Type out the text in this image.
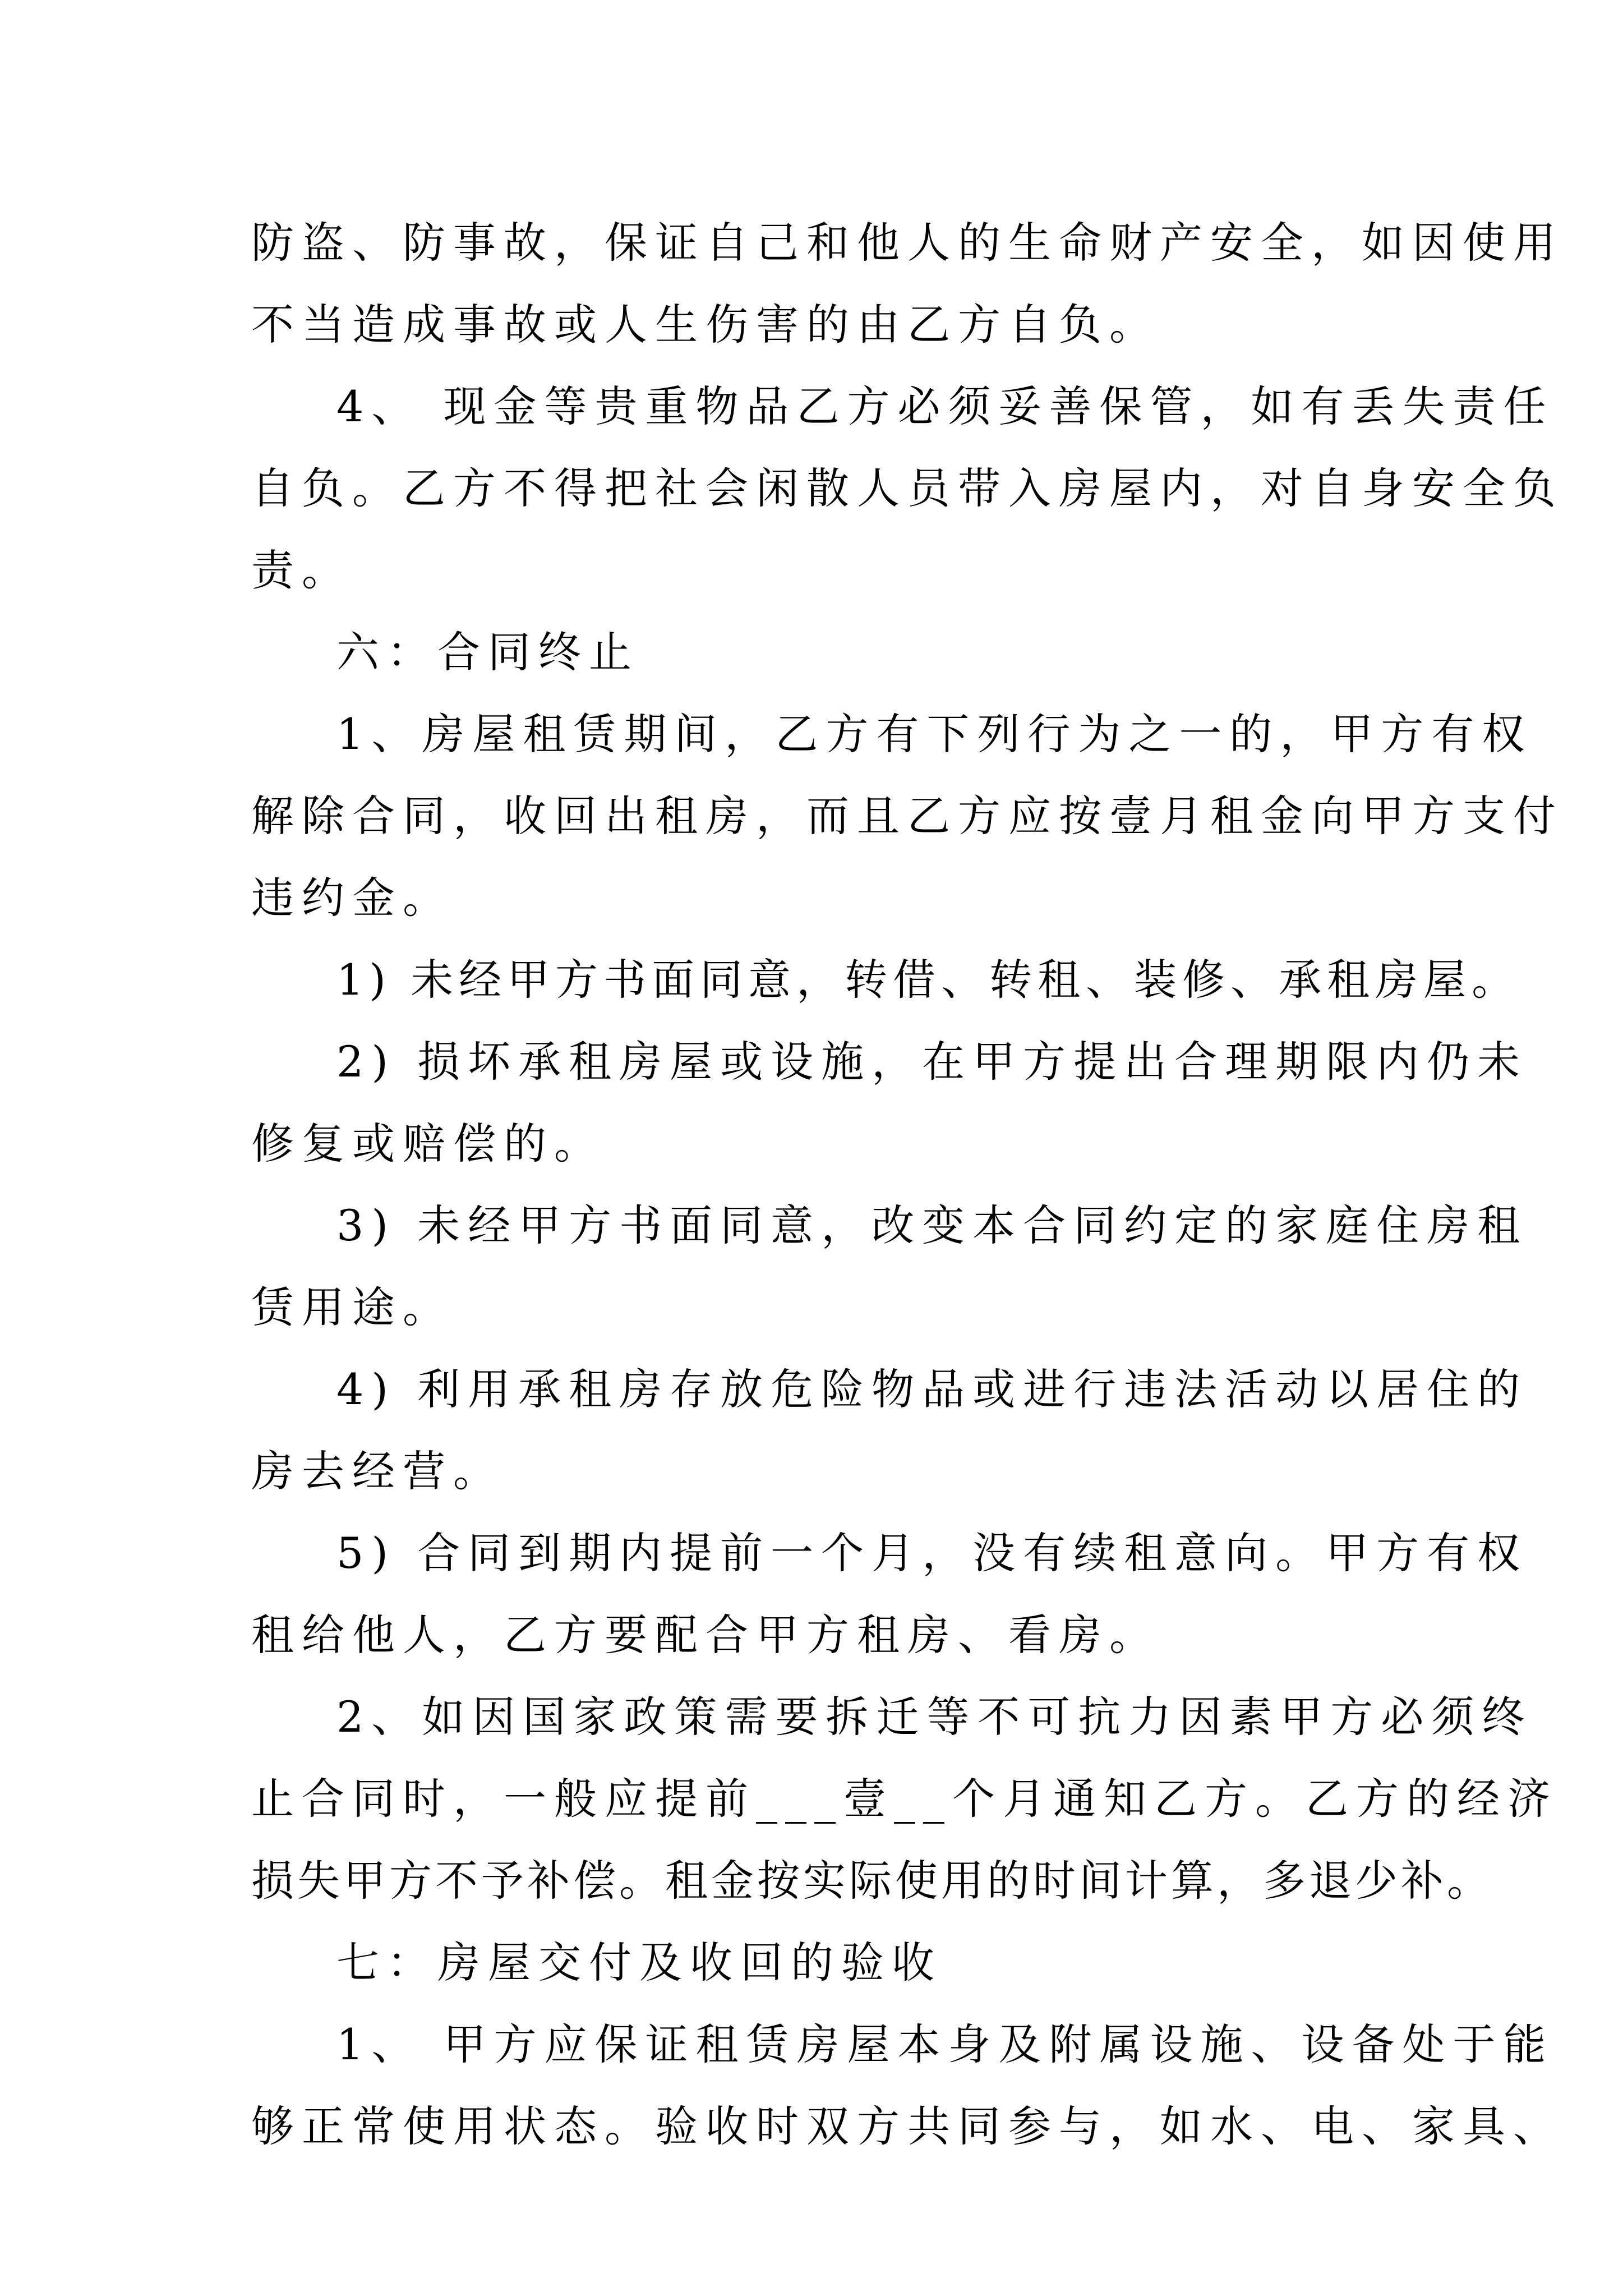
防盗、防事故，保证自己和他人的生命财产安全，如因使用
不当造成事故或人生伤害的由乙方自负。
4、 现金等贵重物品乙方必须妥善保管，如有丢失责任
自负。乙方不得把社会闲散人员带入房屋内，对自身安全负
责。
六：合同终止
1、房屋租赁期间，乙方有下列行为之一的，甲方有权
解除合同，收回出租房，而且乙方应按壹月租金向甲方支付
违约金。
1) 未经甲方书面同意，转借、转租、装修、承租房屋。
2) 损坏承租房屋或设施，在甲方提出合理期限内仍未
修复或赔偿的。
3) 未经甲方书面同意，改变本合同约定的家庭住房租
赁用途。
4) 利用承租房存放危险物品或进行违法活动以居住的
房去经营。
5) 合同到期内提前一个月，没有续租意向。甲方有权
租给他人，乙方要配合甲方租房、看房。
2、如因国家政策需要拆迁等不可抗力因素甲方必须终
止合同时，一般应提前___壹__个月通知乙方。乙方的经济
损失甲方不予补偿。租金按实际使用的时间计算，多退少补。
七：房屋交付及收回的验收
1、 甲方应保证租赁房屋本身及附属设施、设备处于能
够正常使用状态。验收时双方共同参与，如水、电、家具、
